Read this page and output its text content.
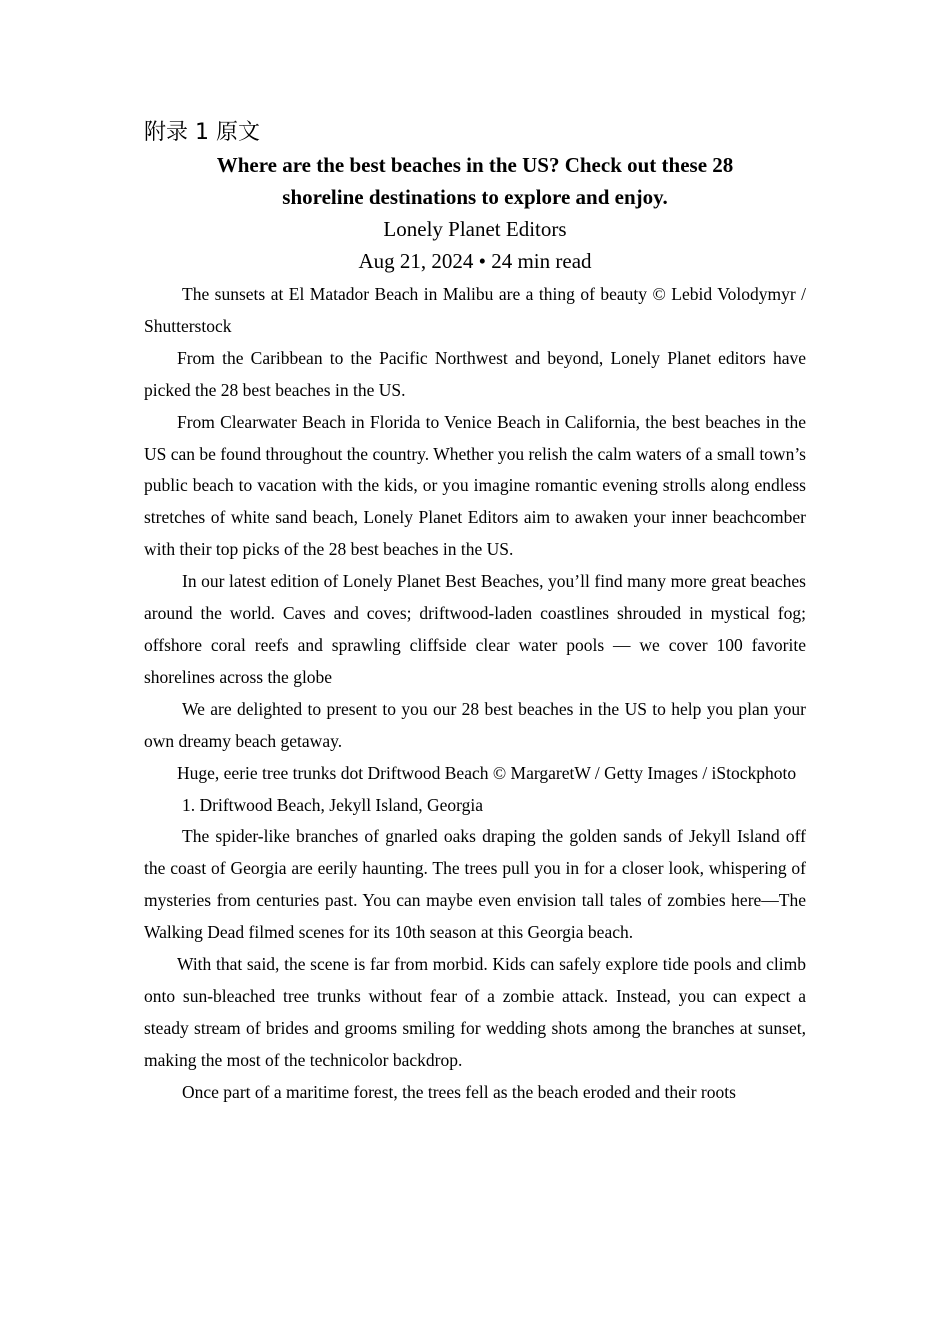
附录 1 原文

Where are the best beaches in the US? Check out these 28
shoreline destinations to explore and enjoy.

Lonely Planet Editors

Aug 21, 2024 • 24 min read

The sunsets at El Matador Beach in Malibu are a thing of beauty © Lebid Volodymyr / Shutterstock

From the Caribbean to the Pacific Northwest and beyond, Lonely Planet editors have picked the 28 best beaches in the US.

From Clearwater Beach in Florida to Venice Beach in California, the best beaches in the US can be found throughout the country. Whether you relish the calm waters of a small town’s public beach to vacation with the kids, or you imagine romantic evening strolls along endless stretches of white sand beach, Lonely Planet Editors aim to awaken your inner beachcomber with their top picks of the 28 best beaches in the US.

In our latest edition of Lonely Planet Best Beaches, you’ll find many more great beaches around the world. Caves and coves; driftwood-laden coastlines shrouded in mystical fog; offshore coral reefs and sprawling cliffside clear water pools — we cover 100 favorite shorelines across the globe

We are delighted to present to you our 28 best beaches in the US to help you plan your own dreamy beach getaway.

Huge, eerie tree trunks dot Driftwood Beach © MargaretW / Getty Images / iStockphoto

1. Driftwood Beach, Jekyll Island, Georgia

The spider-like branches of gnarled oaks draping the golden sands of Jekyll Island off the coast of Georgia are eerily haunting. The trees pull you in for a closer look, whispering of mysteries from centuries past. You can maybe even envision tall tales of zombies here—The Walking Dead filmed scenes for its 10th season at this Georgia beach.

With that said, the scene is far from morbid. Kids can safely explore tide pools and climb onto sun-bleached tree trunks without fear of a zombie attack. Instead, you can expect a steady stream of brides and grooms smiling for wedding shots among the branches at sunset, making the most of the technicolor backdrop.

Once part of a maritime forest, the trees fell as the beach eroded and their roots
